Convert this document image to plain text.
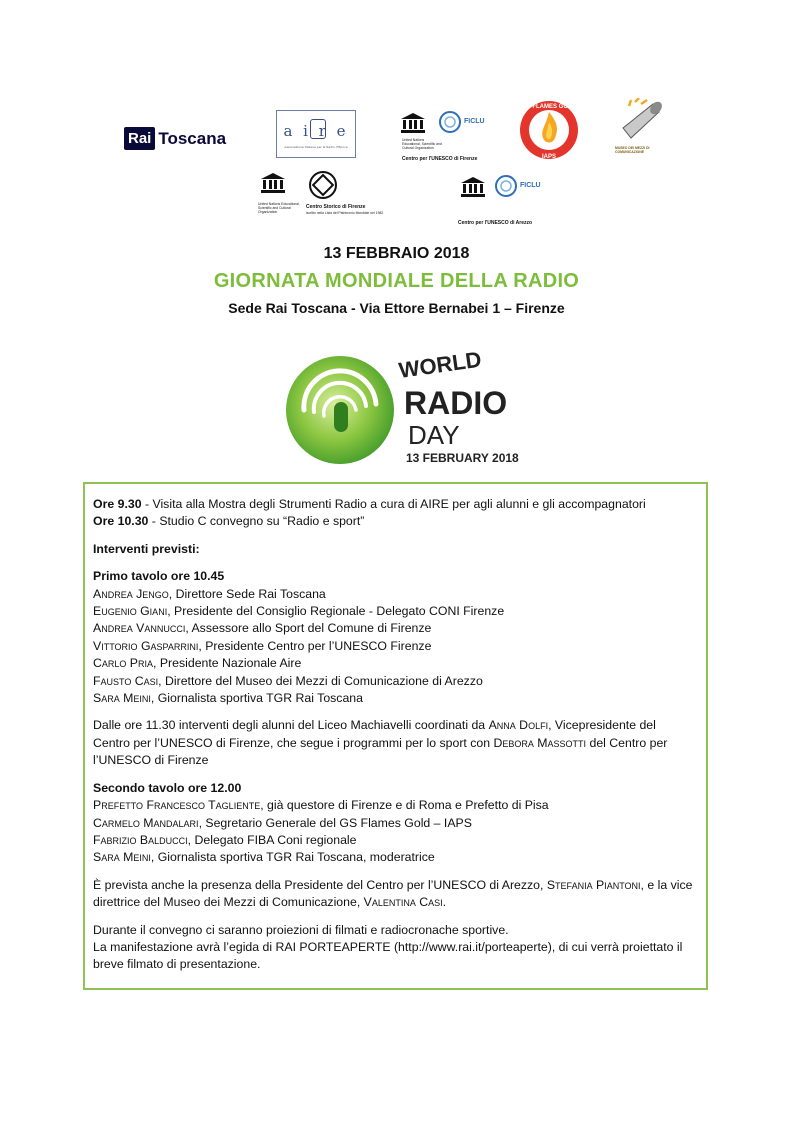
Rai Toscana	a i r e
Associazione Italiana per la Radio d'Epoca
FICLU
United Nations Educational, Scientific and Cultural Organization
Centro per l'UNESCO di Firenze
GS FLAMES GOLD
IAPS
MUSEO DEI MEZZI DI COMUNICAZIONE
United Nations Educational, Scientific and Cultural Organization
Centro Storico di Firenze
iscritto nella Lista del Patrimonio Mondiale nel 1982
FICLU
Centro per l'UNESCO di Arezzo
13 FEBBRAIO 2018
GIORNATA MONDIALE DELLA RADIO
Sede Rai Toscana - Via Ettore Bernabei 1 – Firenze
WORLD
RADIO
DAY
13 FEBRUARY 2018

Ore 9.30 - Visita alla Mostra degli Strumenti Radio a cura di AIRE per agli alunni e gli accompagnatori

Ore 10.30 - Studio C convegno su “Radio e sport”

Interventi previsti:

Primo tavolo ore 10.45

Andrea Jengo, Direttore Sede Rai Toscana

Eugenio Giani, Presidente del Consiglio Regionale - Delegato CONI Firenze

Andrea Vannucci, Assessore allo Sport del Comune di Firenze

Vittorio Gasparrini, Presidente Centro per l’UNESCO Firenze

Carlo Pria, Presidente Nazionale Aire

Fausto Casi, Direttore del Museo dei Mezzi di Comunicazione di Arezzo

Sara Meini, Giornalista sportiva TGR Rai Toscana

Dalle ore 11.30 interventi degli alunni del Liceo Machiavelli coordinati da Anna Dolfi, Vicepresidente del Centro per l’UNESCO di Firenze, che segue i programmi per lo sport con Debora Massotti del Centro per l’UNESCO di Firenze

Secondo tavolo ore 12.00

Prefetto Francesco Tagliente, già questore di Firenze e di Roma e Prefetto di Pisa

Carmelo Mandalari, Segretario Generale del GS Flames Gold – IAPS

Fabrizio Balducci, Delegato FIBA Coni regionale

Sara Meini, Giornalista sportiva TGR Rai Toscana, moderatrice

È prevista anche la presenza della Presidente del Centro per l’UNESCO di Arezzo, Stefania Piantoni, e la vice direttrice del Museo dei Mezzi di Comunicazione, Valentina Casi.

Durante il convegno ci saranno proiezioni di filmati e radiocronache sportive.

La manifestazione avrà l’egida di RAI PORTEAPERTE (http://www.rai.it/porteaperte), di cui verrà proiettato il breve filmato di presentazione.
